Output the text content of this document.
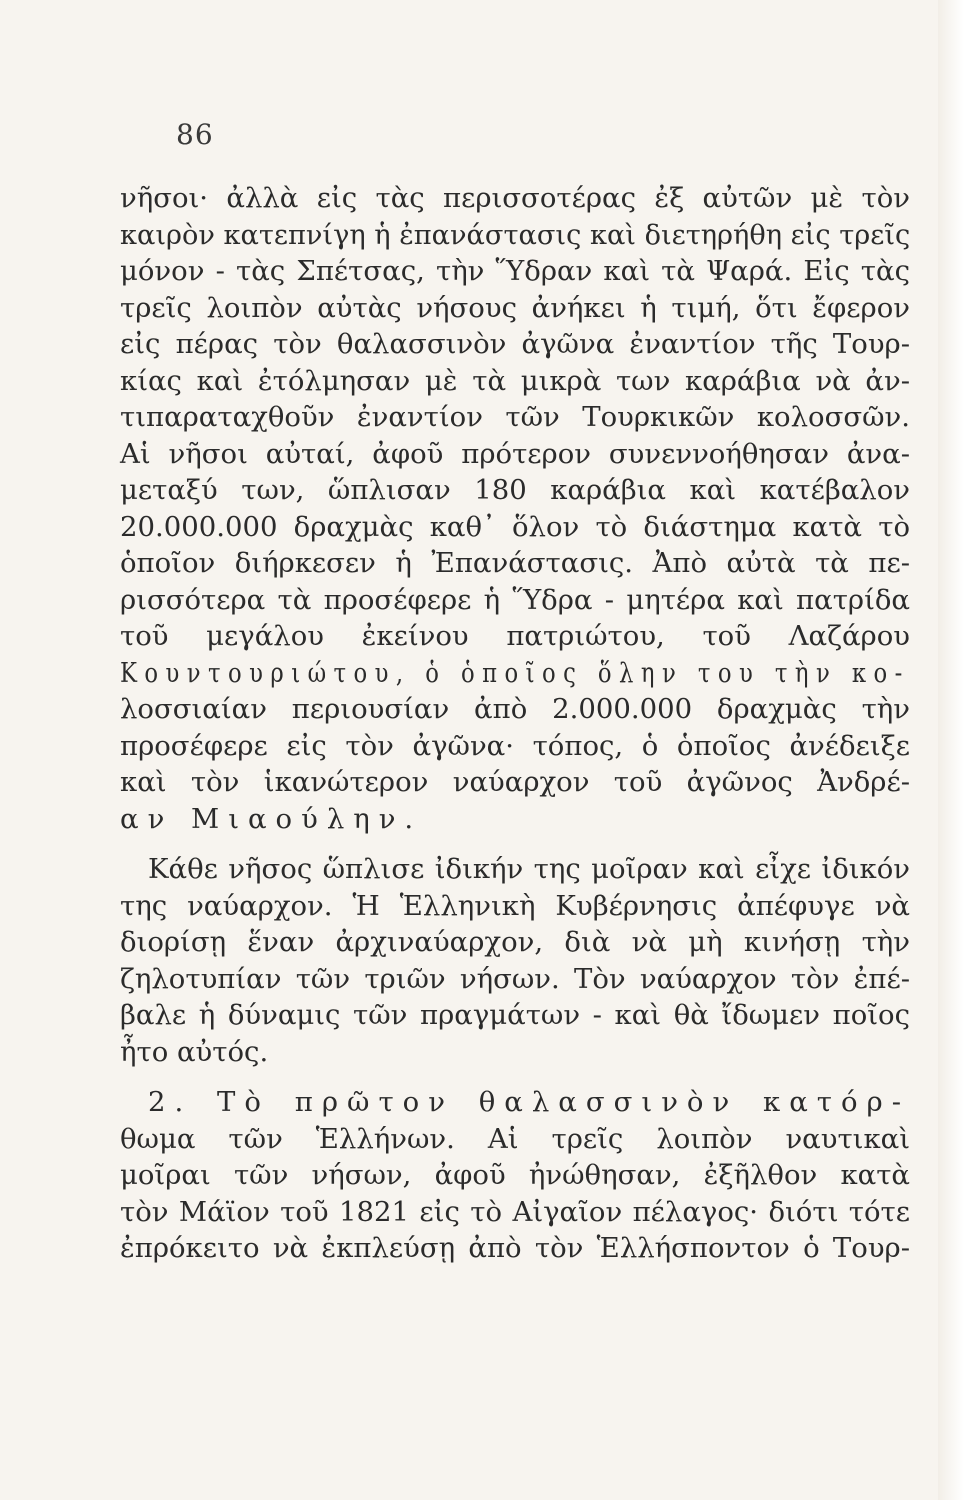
86
νῆσοι· ἀλλὰ εἰς τὰς περισσοτέρας ἐξ αὐτῶν μὲ τὸν
καιρὸν κατεπνίγη ἡ ἐπανάστασις καὶ διετηρήθη εἰς τρεῖς
μόνον - τὰς Σπέτσας, τὴν Ὕδραν καὶ τὰ Ψαρά. Εἰς τὰς
τρεῖς λοιπὸν αὐτὰς νήσους ἀνήκει ἡ τιμή, ὅτι ἔφερον
εἰς πέρας τὸν θαλασσινὸν ἀγῶνα ἐναντίον τῆς Τουρ-
κίας καὶ ἐτόλμησαν μὲ τὰ μικρὰ των καράβια νὰ ἀν-
τιπαραταχθοῦν ἐναντίον τῶν Τουρκικῶν κολοσσῶν.
Αἱ νῆσοι αὐταί, ἀφοῦ πρότερον συνεννοήθησαν ἀνα-
μεταξύ των, ὥπλισαν 180 καράβια καὶ κατέβαλον
20.000.000 δραχμὰς καθ᾿ ὅλον τὸ διάστημα κατὰ τὸ
ὁποῖον διήρκεσεν ἡ Ἐπανάστασις. Ἀπὸ αὐτὰ τὰ πε-
ρισσότερα τὰ προσέφερε ἡ Ὕδρα - μητέρα καὶ πατρίδα
τοῦ μεγάλου ἐκείνου πατριώτου, τοῦ Λαζάρου
Κουντουριώτου, ὁ ὁποῖος ὅλην του τὴν κο-
λοσσιαίαν περιουσίαν ἀπὸ 2.000.000 δραχμὰς τὴν
προσέφερε εἰς τὸν ἀγῶνα· τόπος, ὁ ὁποῖος ἀνέδειξε
καὶ τὸν ἱκανώτερον ναύαρχον τοῦ ἀγῶνος Ἀνδρέ-
αν Μιαούλην.
Κάθε νῆσος ὥπλισε ἰδικήν της μοῖραν καὶ εἶχε ἰδικόν
της ναύαρχον. Ἡ Ἑλληνικὴ Κυβέρνησις ἀπέφυγε νὰ
διορίσῃ ἕναν ἀρχιναύαρχον, διὰ νὰ μὴ κινήσῃ τὴν
ζηλοτυπίαν τῶν τριῶν νήσων. Τὸν ναύαρχον τὸν ἐπέ-
βαλε ἡ δύναμις τῶν πραγμάτων - καὶ θὰ ἴδωμεν ποῖος
ἦτο αὐτός.
2. Τὸ πρῶτον θαλασσινὸν κατόρ-
θωμα τῶν Ἑλλήνων. Αἱ τρεῖς λοιπὸν ναυτικαὶ
μοῖραι τῶν νήσων, ἀφοῦ ἠνώθησαν, ἐξῆλθον κατὰ
τὸν Μάϊον τοῦ 1821 εἰς τὸ Αἰγαῖον πέλαγος· διότι τότε
ἐπρόκειτο νὰ ἐκπλεύσῃ ἀπὸ τὸν Ἑλλήσποντον ὁ Τουρ-
